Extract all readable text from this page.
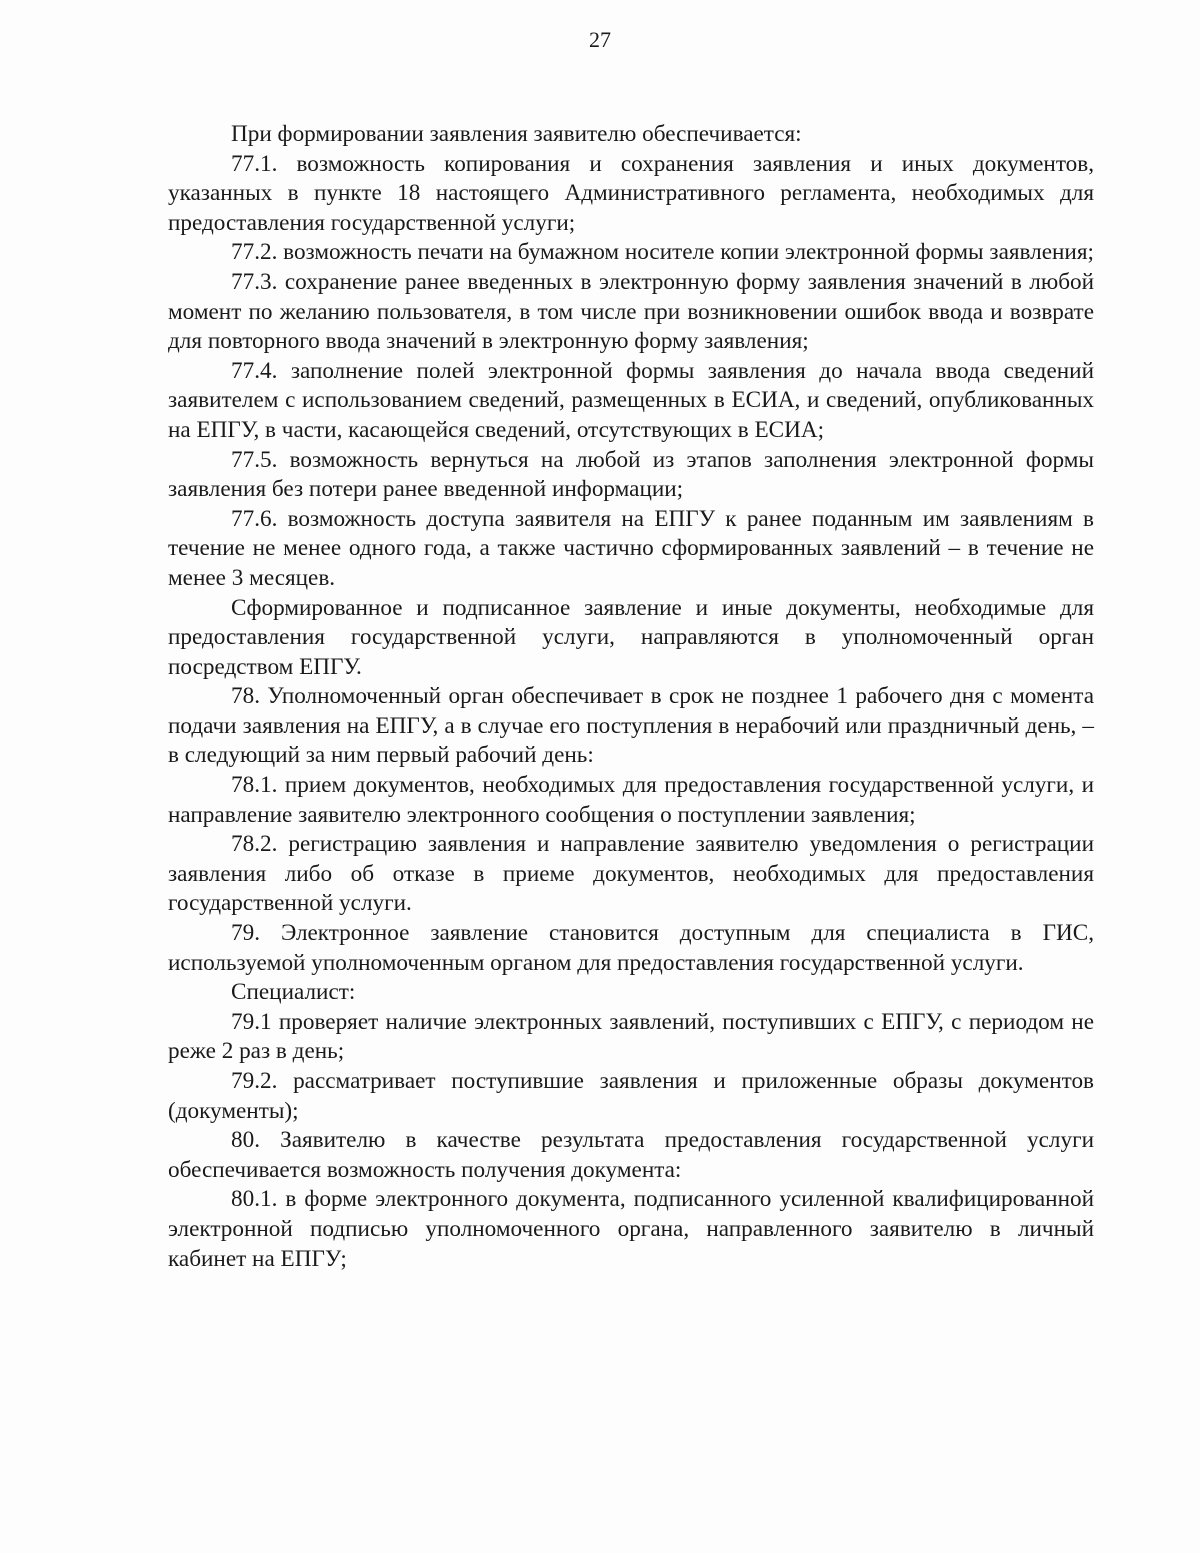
27

При формировании заявления заявителю обеспечивается:

77.1. возможность копирования и сохранения заявления и иных документов, указанных в пункте 18 настоящего Административного регламента, необходимых для предоставления государственной услуги;

77.2. возможность печати на бумажном носителе копии электронной формы заявления;

77.3. сохранение ранее введенных в электронную форму заявления значений в любой момент по желанию пользователя, в том числе при возникновении ошибок ввода и возврате для повторного ввода значений в электронную форму заявления;

77.4. заполнение полей электронной формы заявления до начала ввода сведений заявителем с использованием сведений, размещенных в ЕСИА, и сведений, опубликованных на ЕПГУ, в части, касающейся сведений, отсутствующих в ЕСИА;

77.5. возможность вернуться на любой из этапов заполнения электронной формы заявления без потери ранее введенной информации;

77.6. возможность доступа заявителя на ЕПГУ к ранее поданным им заявлениям в течение не менее одного года, а также частично сформированных заявлений – в течение не менее 3 месяцев.

Сформированное и подписанное заявление и иные документы, необходимые для предоставления государственной услуги, направляются в уполномоченный орган посредством ЕПГУ.

78. Уполномоченный орган обеспечивает в срок не позднее 1 рабочего дня с момента подачи заявления на ЕПГУ, а в случае его поступления в нерабочий или праздничный день, – в следующий за ним первый рабочий день:

78.1. прием документов, необходимых для предоставления государственной услуги, и направление заявителю электронного сообщения о поступлении заявления;

78.2. регистрацию заявления и направление заявителю уведомления о регистрации заявления либо об отказе в приеме документов, необходимых для предоставления государственной услуги.

79. Электронное заявление становится доступным для специалиста в ГИС, используемой уполномоченным органом для предоставления государственной услуги.

Специалист:

79.1 проверяет наличие электронных заявлений, поступивших с ЕПГУ, с периодом не реже 2 раз в день;

79.2. рассматривает поступившие заявления и приложенные образы документов (документы);

80. Заявителю в качестве результата предоставления государственной услуги обеспечивается возможность получения документа:

80.1. в форме электронного документа, подписанного усиленной квалифицированной электронной подписью уполномоченного органа, направленного заявителю в личный кабинет на ЕПГУ;
